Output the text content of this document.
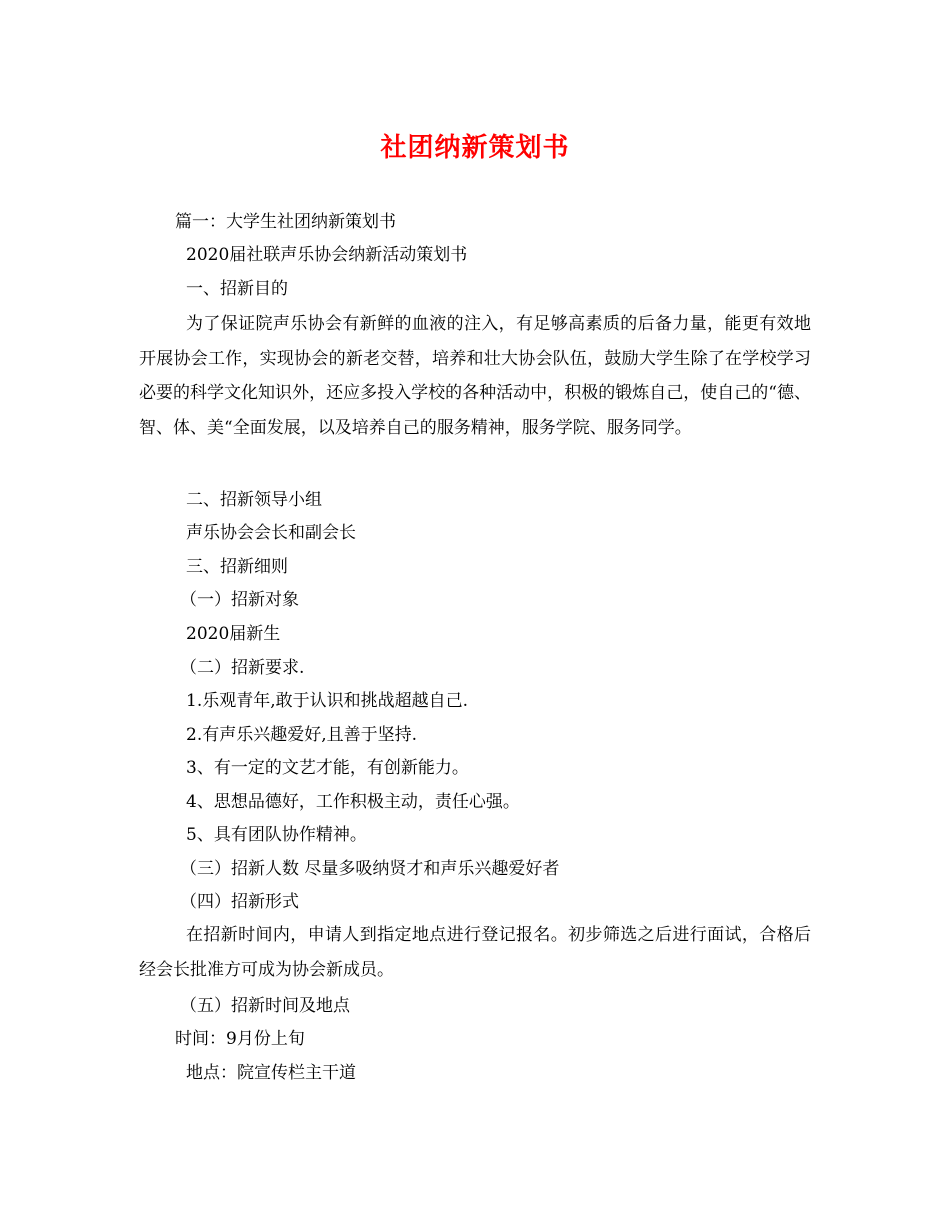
社团纳新策划书
篇一：大学生社团纳新策划书
2020届社联声乐协会纳新活动策划书
一、招新目的
为了保证院声乐协会有新鲜的血液的注入，有足够高素质的后备力量，能更有效地开展协会工作，实现协会的新老交替，培养和壮大协会队伍，鼓励大学生除了在学校学习必要的科学文化知识外，还应多投入学校的各种活动中，积极的锻炼自己，使自己的“德、智、体、美“全面发展，以及培养自己的服务精神，服务学院、服务同学。
二、招新领导小组
声乐协会会长和副会长
三、招新细则
（一）招新对象
2020届新生
（二）招新要求.
1.乐观青年,敢于认识和挑战超越自己.
2.有声乐兴趣爱好,且善于坚持.
3、有一定的文艺才能，有创新能力。
4、思想品德好，工作积极主动，责任心强。
5、具有团队协作精神。
（三）招新人数 尽量多吸纳贤才和声乐兴趣爱好者
（四）招新形式
在招新时间内，申请人到指定地点进行登记报名。初步筛选之后进行面试，合格后经会长批准方可成为协会新成员。
（五）招新时间及地点
时间：9月份上旬
地点：院宣传栏主干道
